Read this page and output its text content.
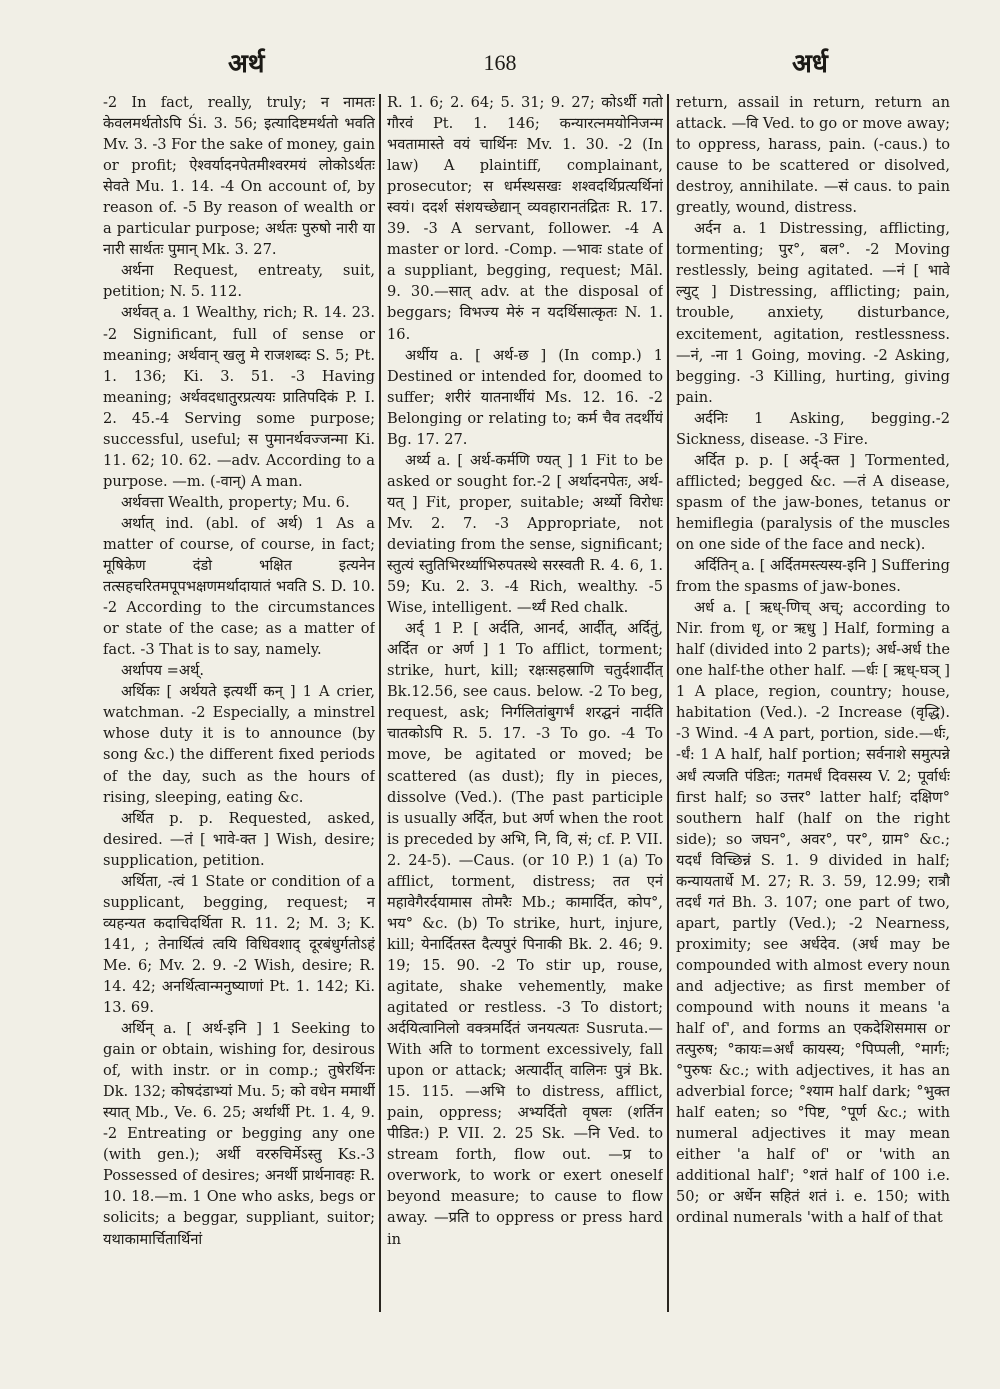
अर्थ	168	अर्ध

-2 In fact, really, truly; न नामतः केवलमर्थतोऽपि Śi. 3. 56; इत्यादिष्टमर्थतो भवति Mv. 3. -3 For the sake of money, gain or profit; ऐश्वर्यादनपेतमीश्वरमयं लोकोऽर्थतः सेवते Mu. 1. 14. -4 On account of, by reason of. -5 By reason of wealth or a particular purpose; अर्थतः पुरुषो नारी या नारी सार्थतः पुमान् Mk. 3. 27.

अर्थना Request, entreaty, suit, petition; N. 5. 112.

अर्थवत् a. 1 Wealthy, rich; R. 14. 23. -2 Significant, full of sense or meaning; अर्थवान् खलु मे राजशब्दः S. 5; Pt. 1. 136; Ki. 3. 51. -3 Having meaning; अर्थवदधातुरप्रत्ययः प्रातिपदिकं P. I. 2. 45.-4 Serving some purpose; successful, useful; स पुमानर्थवज्जन्मा Ki. 11. 62; 10. 62. —adv. According to a purpose. —m. (-वान्) A man.

अर्थवत्ता Wealth, property; Mu. 6.

अर्थात् ind. (abl. of अर्थ) 1 As a matter of course, of course, in fact; मूषिकेण दंडो भक्षित इत्यनेन तत्सहचरितमपूपभक्षणमर्थादायातं भवति S. D. 10. -2 According to the circumstances or state of the case; as a matter of fact. -3 That is to say, namely.

अर्थापय =अर्थ्.

अर्थिकः [ अर्थयते इत्यर्थी कन् ] 1 A crier, watchman. -2 Especially, a minstrel whose duty it is to announce (by song &c.) the different fixed periods of the day, such as the hours of rising, sleeping, eating &c.

अर्थित p. p. Requested, asked, desired. —तं [ भावे-क्त ] Wish, desire; supplication, petition.

अर्थिता, -त्वं 1 State or condition of a supplicant, begging, request; न व्यहन्यत कदाचिदर्थिता R. 11. 2; M. 3; K. 141, ; तेनार्थित्वं त्वयि विधिवशाद् दूरबंधुर्गतोऽहं Me. 6; Mv. 2. 9. -2 Wish, desire; R. 14. 42; अनर्थित्वान्मनुष्याणां Pt. 1. 142; Ki. 13. 69.

अर्थिन् a. [ अर्थ-इनि ] 1 Seeking to gain or obtain, wishing for, desirous of, with instr. or in comp.; तुषेरर्थिनः Dk. 132; कोषदंडाभ्यां Mu. 5; को वधेन ममार्थी स्यात् Mb., Ve. 6. 25; अर्थार्थी Pt. 1. 4, 9. -2 Entreating or begging any one (with gen.); अर्थी वररुचिर्मेऽस्तु Ks.-3 Possessed of desires; अनर्थी प्रार्थनावहः R. 10. 18.—m. 1 One who asks, begs or solicits; a beggar, suppliant, suitor; यथाकामार्चितार्थिनां

R. 1. 6; 2. 64; 5. 31; 9. 27; कोऽर्थी गतो गौरवं Pt. 1. 146; कन्यारत्नमयोनिजन्म भवतामास्ते वयं चार्थिनः Mv. 1. 30. -2 (In law) A plaintiff, complainant, prosecutor; स धर्मस्थसखः शश्वदर्थिप्रत्यर्थिनां स्वयं। ददर्श संशयच्छेद्यान् व्यवहारानतंद्रितः R. 17. 39. -3 A servant, follower. -4 A master or lord. -Comp. —भावः state of a suppliant, begging, request; Māl. 9. 30.—सात् adv. at the disposal of beggars; विभज्य मेरुं न यदर्थिसात्कृतः N. 1. 16.

अर्थीय a. [ अर्थ-छ ] (In comp.) 1 Destined or intended for, doomed to suffer; शरीरं यातनार्थीयं Ms. 12. 16. -2 Belonging or relating to; कर्म चैव तदर्थीयं Bg. 17. 27.

अर्थ्य a. [ अर्थ-कर्मणि ण्यत् ] 1 Fit to be asked or sought for.-2 [ अर्थादनपेतः, अर्थ-यत् ] Fit, proper, suitable; अर्थ्यो विरोधः Mv. 2. 7. -3 Appropriate, not deviating from the sense, significant; स्तुत्यं स्तुतिभिरर्थ्याभिरुपतस्थे सरस्वती R. 4. 6, 1. 59; Ku. 2. 3. -4 Rich, wealthy. -5 Wise, intelligent. —र्थ्यं Red chalk.

अर्द् 1 P. [ अर्दति, आनर्द, आर्दीत्, अर्दितुं, अर्दित or अर्ण ] 1 To afflict, torment; strike, hurt, kill; रक्षःसहस्राणि चतुर्दशार्दीत् Bk.12.56, see caus. below. -2 To beg, request, ask; निर्गलितांबुगर्भं शरद्घनं नार्दति चातकोऽपि R. 5. 17. -3 To go. -4 To move, be agitated or moved; be scattered (as dust); fly in pieces, dissolve (Ved.). (The past participle is usually अर्दित, but अर्ण when the root is preceded by अभि, नि, वि, सं; cf. P. VII. 2. 24-5). —Caus. (or 10 P.) 1 (a) To afflict, torment, distress; तत एनं महावेगैरर्दयामास तोमरैः Mb.; कामार्दित, कोप°, भय° &c. (b) To strike, hurt, injure, kill; येनार्दितस्त दैत्यपुरं पिनाकी Bk. 2. 46; 9. 19; 15. 90. -2 To stir up, rouse, agitate, shake vehemently, make agitated or restless. -3 To distort; अर्दयित्वानिलो वक्त्रमर्दितं जनयत्यतः Susruta.— With अति to torment excessively, fall upon or attack; अत्यार्दीत् वालिनः पुत्रं Bk. 15. 115. —अभि to distress, afflict, pain, oppress; अभ्यर्दितो वृषलः (शर्तिन पीडित:) P. VII. 2. 25 Sk. —नि Ved. to stream forth, flow out. —प्र to overwork, to work or exert oneself beyond measure; to cause to flow away. —प्रति to oppress or press hard in

return, assail in return, return an attack. —वि Ved. to go or move away; to oppress, harass, pain. (-caus.) to cause to be scattered or disolved, destroy, annihilate. —सं caus. to pain greatly, wound, distress.

अर्दन a. 1 Distressing, afflicting, tormenting; पुर°, बल°. -2 Moving restlessly, being agitated. —नं [ भावे ल्युट् ] Distressing, afflicting; pain, trouble, anxiety, disturbance, excitement, agitation, restlessness. —नं, -ना 1 Going, moving. -2 Asking, begging. -3 Killing, hurting, giving pain.

अर्दनिः 1 Asking, begging.-2 Sickness, disease. -3 Fire.

अर्दित p. p. [ अर्द्-क्त ] Tormented, afflicted; begged &c. —तं A disease, spasm of the jaw-bones, tetanus or hemiflegia (paralysis of the muscles on one side of the face and neck).

अर्दितिन् a. [ अर्दितमस्त्यस्य-इनि ] Suffering from the spasms of jaw-bones.

अर्ध a. [ ऋध्-णिच् अच्; according to Nir. from धृ, or ऋधु ] Half, forming a half (divided into 2 parts); अर्ध-अर्ध the one half-the other half. —र्धः [ ऋध्-घञ् ] 1 A place, region, country; house, habitation (Ved.). -2 Increase (वृद्धि). -3 Wind. -4 A part, portion, side.—र्धः, -र्धं: 1 A half, half portion; सर्वनाशे समुत्पन्ने अर्धं त्यजति पंडितः; गतमर्धं दिवसस्य V. 2; पूर्वार्धः first half; so उत्तर° latter half; दक्षिण° southern half (half on the right side); so जघन°, अवर°, पर°, ग्राम° &c.; यदर्धं विच्छिन्नं S. 1. 9 divided in half; कन्यायतार्धे M. 27; R. 3. 59, 12.99; रात्रौ तदर्धं गतं Bh. 3. 107; one part of two, apart, partly (Ved.); -2 Nearness, proximity; see अर्धदेव. (अर्ध may be compounded with almost every noun and adjective; as first member of compound with nouns it means 'a half of', and forms an एकदेशिसमास or तत्पुरुष; °कायः=अर्धं कायस्य; °पिप्पली, °मार्गः; °पुरुषः &c.; with adjectives, it has an adverbial force; °श्याम half dark; °भुक्त half eaten; so °पिष्ट, °पूर्ण &c.; with numeral adjectives it may mean either 'a half of' or 'with an additional half'; °शतं half of 100 i.e. 50; or अर्धेन सहितं शतं i. e. 150; with ordinal numerals 'with a half of that
